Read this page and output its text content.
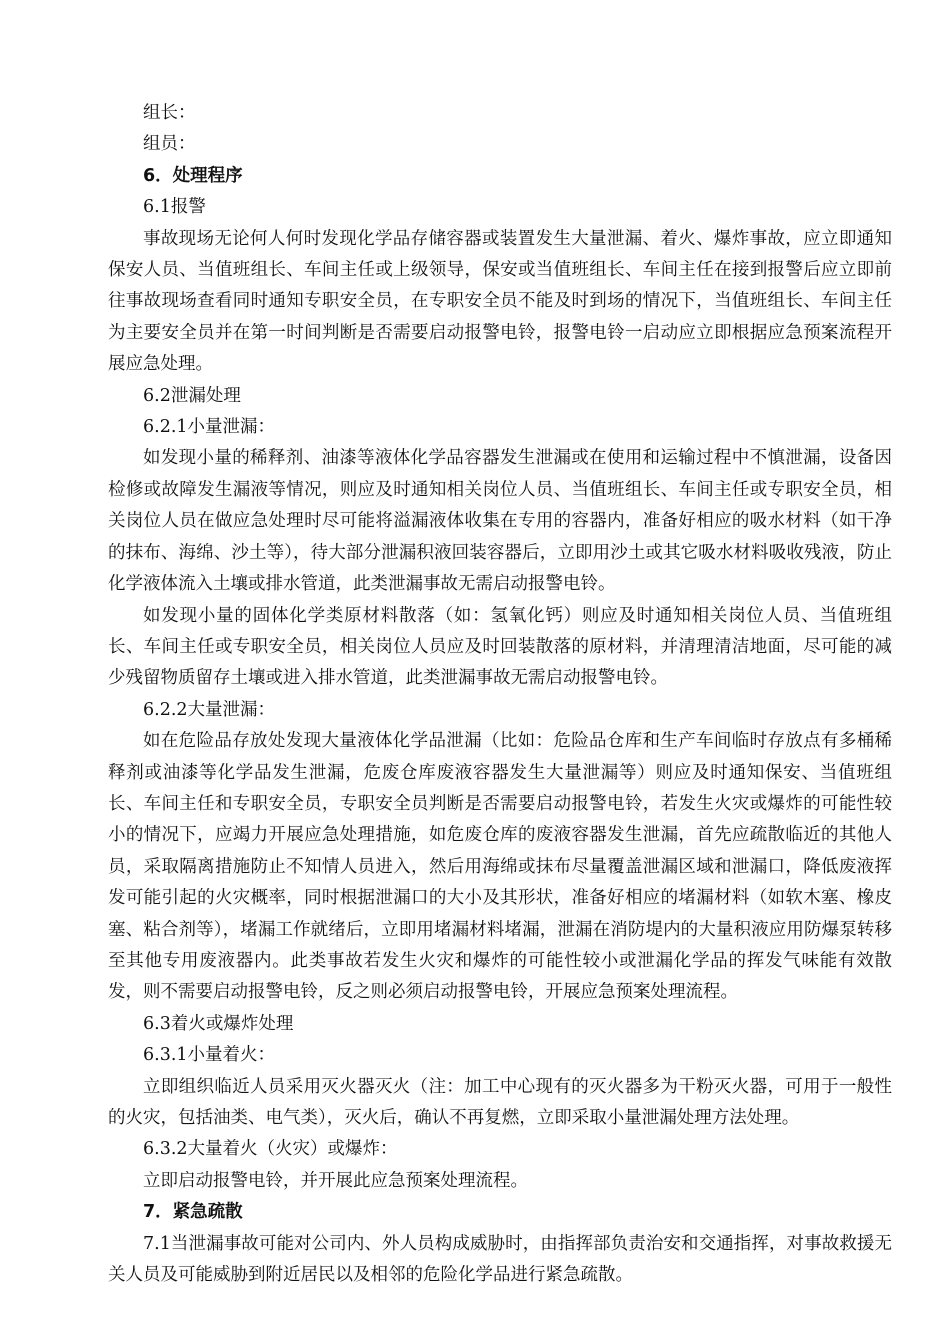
组长：

组员：

6．处理程序

6.1报警

事故现场无论何人何时发现化学品存储容器或装置发生大量泄漏、着火、爆炸事故，应立即通知保安人员、当值班组长、车间主任或上级领导，保安或当值班组长、车间主任在接到报警后应立即前往事故现场查看同时通知专职安全员，在专职安全员不能及时到场的情况下，当值班组长、车间主任为主要安全员并在第一时间判断是否需要启动报警电铃，报警电铃一启动应立即根据应急预案流程开展应急处理。

6.2泄漏处理

6.2.1小量泄漏：

如发现小量的稀释剂、油漆等液体化学品容器发生泄漏或在使用和运输过程中不慎泄漏，设备因检修或故障发生漏液等情况，则应及时通知相关岗位人员、当值班组长、车间主任或专职安全员，相关岗位人员在做应急处理时尽可能将溢漏液体收集在专用的容器内，准备好相应的吸水材料（如干净的抹布、海绵、沙土等），待大部分泄漏积液回装容器后，立即用沙土或其它吸水材料吸收残液，防止化学液体流入土壤或排水管道，此类泄漏事故无需启动报警电铃。

如发现小量的固体化学类原材料散落（如：氢氧化钙）则应及时通知相关岗位人员、当值班组长、车间主任或专职安全员，相关岗位人员应及时回装散落的原材料，并清理清洁地面，尽可能的减少残留物质留存土壤或进入排水管道，此类泄漏事故无需启动报警电铃。

6.2.2大量泄漏：

如在危险品存放处发现大量液体化学品泄漏（比如：危险品仓库和生产车间临时存放点有多桶稀释剂或油漆等化学品发生泄漏，危废仓库废液容器发生大量泄漏等）则应及时通知保安、当值班组长、车间主任和专职安全员，专职安全员判断是否需要启动报警电铃，若发生火灾或爆炸的可能性较小的情况下，应竭力开展应急处理措施，如危废仓库的废液容器发生泄漏，首先应疏散临近的其他人员，采取隔离措施防止不知情人员进入，然后用海绵或抹布尽量覆盖泄漏区域和泄漏口，降低废液挥发可能引起的火灾概率，同时根据泄漏口的大小及其形状，准备好相应的堵漏材料（如软木塞、橡皮塞、粘合剂等），堵漏工作就绪后，立即用堵漏材料堵漏，泄漏在消防堤内的大量积液应用防爆泵转移至其他专用废液器内。此类事故若发生火灾和爆炸的可能性较小或泄漏化学品的挥发气味能有效散发，则不需要启动报警电铃，反之则必须启动报警电铃，开展应急预案处理流程。

6.3着火或爆炸处理

6.3.1小量着火：

立即组织临近人员采用灭火器灭火（注：加工中心现有的灭火器多为干粉灭火器，可用于一般性的火灾，包括油类、电气类），灭火后，确认不再复燃，立即采取小量泄漏处理方法处理。

6.3.2大量着火（火灾）或爆炸：

立即启动报警电铃，并开展此应急预案处理流程。

7．紧急疏散

7.1当泄漏事故可能对公司内、外人员构成威胁时，由指挥部负责治安和交通指挥，对事故救援无关人员及可能威胁到附近居民以及相邻的危险化学品进行紧急疏散。
